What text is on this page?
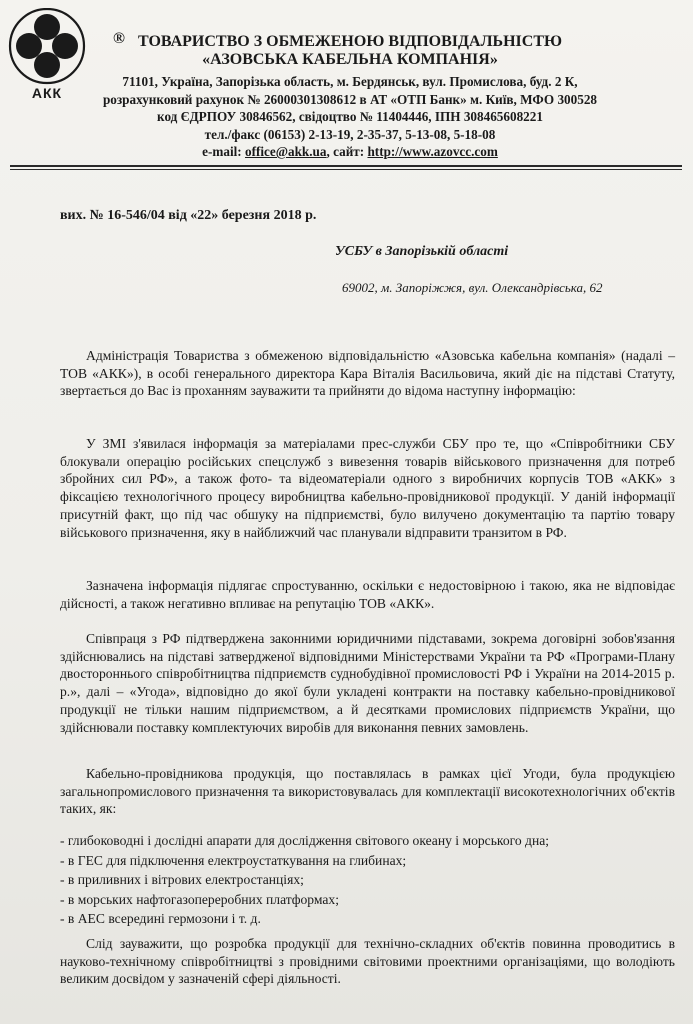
АКК
® ТОВАРИСТВО З ОБМЕЖЕНОЮ ВІДПОВІДАЛЬНІСТЮ
«АЗОВСЬКА КАБЕЛЬНА КОМПАНІЯ»
71101, Україна, Запорізька область, м. Бердянськ, вул. Промислова, буд. 2 К,
розрахунковий рахунок № 26000301308612 в АТ «ОТП Банк» м. Київ, МФО 300528
код ЄДРПОУ 30846562, свідоцтво № 11404446, ІПН 308465608221
тел./факс (06153) 2-13-19, 2-35-37, 5-13-08, 5-18-08
e-mail: office@akk.ua, сайт: http://www.azovcc.com
вих. № 16-546/04 від «22» березня 2018 р.
УСБУ в Запорізькій області
69002, м. Запоріжжя, вул. Олександрівська, 62

Адміністрація Товариства з обмеженою відповідальністю «Азовська кабельна компанія» (надалі – ТОВ «АКК»), в особі генерального директора Кара Віталія Васильовича, який діє на підставі Статуту, звертається до Вас із проханням зауважити та прийняти до відома наступну інформацію:

У ЗМІ з'явилася інформація за матеріалами прес-служби СБУ про те, що «Співробітники СБУ блокували операцію російських спецслужб з вивезення товарів військового призначення для потреб збройних сил РФ», а також фото- та відеоматеріали одного з виробничих корпусів ТОВ «АКК» з фіксацією технологічного процесу виробництва кабельно-провідникової продукції. У даній інформації присутній факт, що під час обшуку на підприємстві, було вилучено документацію та партію товару військового призначення, яку в найближчий час планували відправити транзитом в РФ.

Зазначена інформація підлягає спростуванню, оскільки є недостовірною і такою, яка не відповідає дійсності, а також негативно впливає на репутацію ТОВ «АКК».

Співпраця з РФ підтверджена законними юридичними підставами, зокрема договірні зобов'язання здійснювались на підставі затвердженої відповідними Міністерствами України та РФ «Програми-Плану двостороннього співробітництва підприємств суднобудівної промисловості РФ і України на 2014-2015 р. р.», далі – «Угода», відповідно до якої були укладені контракти на поставку кабельно-провідникової продукції не тільки нашим підприємством, а й десятками промислових підприємств України, що здійснювали поставку комплектуючих виробів для виконання певних замовлень.

Кабельно-провідникова продукція, що поставлялась в рамках цієї Угоди, була продукцією загальнопромислового призначення та використовувалась для комплектації високотехнологічних об'єктів таких, як:

- глибоководні і дослідні апарати для дослідження світового океану і морського дна;
- в ГЕС для підключення електроустаткування на глибинах;
- в приливних і вітрових електростанціях;
- в морських нафтогазопереробних платформах;
- в АЕС всередині гермозони і т. д.

Слід зауважити, що розробка продукції для технічно-складних об'єктів повинна проводитись в науково-технічному співробітництві з провідними світовими проектними організаціями, що володіють великим досвідом у зазначеній сфері діяльності.
